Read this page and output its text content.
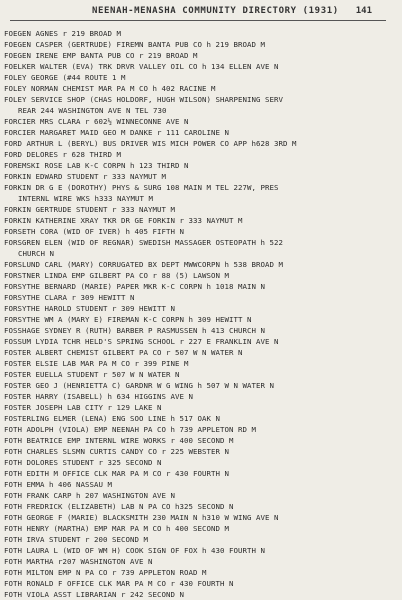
NEENAH-MENASHA COMMUNITY DIRECTORY (1931) 141
FOEGEN AGNES r 219 BROAD M
FOEGEN CASPER (GERTRUDE) FIREMN BANTA PUB CO h 219 BROAD M
FOEGEN IRENE EMP BANTA PUB CO r 219 BROAD M
FOELKER WALTER (EVA) TRK DRVR VALLEY OIL CO h 134 ELLEN AVE N
FOLEY GEORGE (#44 ROUTE 1 M
FOLEY NORMAN CHEMIST MAR PA M CO h 402 RACINE M
FOLEY SERVICE SHOP (CHAS HOLDORF, HUGH WILSON) SHARPENING SERV
REAR 244 WASHINGTON AVE N TEL 730
FORCIER MRS CLARA r 602½ WINNECONNE AVE N
FORCIER MARGARET MAID GEO M DANKE r 111 CAROLINE N
FORD ARTHUR L (BERYL) BUS DRIVER WIS MICH POWER CO APP h628 3RD M
FORD DELORES r 628 THIRD M
FOREMSKI ROSE LAB K-C CORPN h 123 THIRD N
FORKIN EDWARD STUDENT r 333 NAYMUT M
FORKIN DR G E (DOROTHY) PHYS & SURG 108 MAIN M TEL 227W, PRES
INTERNL WIRE WKS h333 NAYMUT M
FORKIN GERTRUDE STUDENT r 333 NAYMUT M
FORKIN KATHERINE XRAY TKR DR GE FORKIN r 333 NAYMUT M
FORSETH CORA (WID OF IVER) h 405 FIFTH N
FORSGREN ELEN (WID OF REGNAR) SWEDISH MASSAGER OSTEOPATH h 522
CHURCH N
FORSLUND CARL (MARY) CORRUGATED BX DEPT MWWCORPN h 538 BROAD M
FORSTNER LINDA EMP GILBERT PA CO r 88 (5) LAWSON M
FORSYTHE BERNARD (MARIE) PAPER MKR K-C CORPN h 1018 MAIN N
FORSYTHE CLARA r 309 HEWITT N
FORSYTHE HAROLD STUDENT r 309 HEWITT N
FORSYTHE WM A (MARY E) FIREMAN K-C CORPN h 309 HEWITT N
FOSSHAGE SYDNEY R (RUTH) BARBER P RASMUSSEN h 413 CHURCH N
FOSSUM LYDIA TCHR HELD'S SPRING SCHOOL r 227 E FRANKLIN AVE N
FOSTER ALBERT CHEMIST GILBERT PA CO r 507 W N WATER N
FOSTER ELSIE LAB MAR PA M CO r 399 PINE M
FOSTER EUELLA STUDENT r 507 W N WATER N
FOSTER GEO J (HENRIETTA C) GARDNR W G WING h 507 W N WATER N
FOSTER HARRY (ISABELL) h 634 HIGGINS AVE N
FOSTER JOSEPH LAB CITY r 129 LAKE N
FOSTERLING ELMER (LENA) ENG SOO LINE h 517 OAK N
FOTH ADOLPH (VIOLA) EMP NEENAH PA CO h 739 APPLETON RD M
FOTH BEATRICE EMP INTERNL WIRE WORKS r 400 SECOND M
FOTH CHARLES SLSMN CURTIS CANDY CO r 225 WEBSTER N
FOTH DOLORES STUDENT r 325 SECOND N
FOTH EDITH M OFFICE CLK MAR PA M CO r 430 FOURTH N
FOTH EMMA h 406 NASSAU M
FOTH FRANK CARP h 207 WASHINGTON AVE N
FOTH FREDRICK (ELIZABETH) LAB N PA CO h325 SECOND N
FOTH GEORGE F (MARIE) BLACKSMITH 230 MAIN N h310 W WING AVE N
FOTH HENRY (MARTHA) EMP MAR PA M CO h 400 SECOND M
FOTH IRVA STUDENT r 200 SECOND M
FOTH LAURA L (WID OF WM H) COOK SIGN OF FOX h 430 FOURTH N
FOTH MARTHA r207 WASHINGTON AVE N
FOTH MILTON EMP N PA CO r 739 APPLETON ROAD M
FOTH RONALD F OFFICE CLK MAR PA M CO r 430 FOURTH N
FOTH VIOLA ASST LIBRARIAN r 242 SECOND N
